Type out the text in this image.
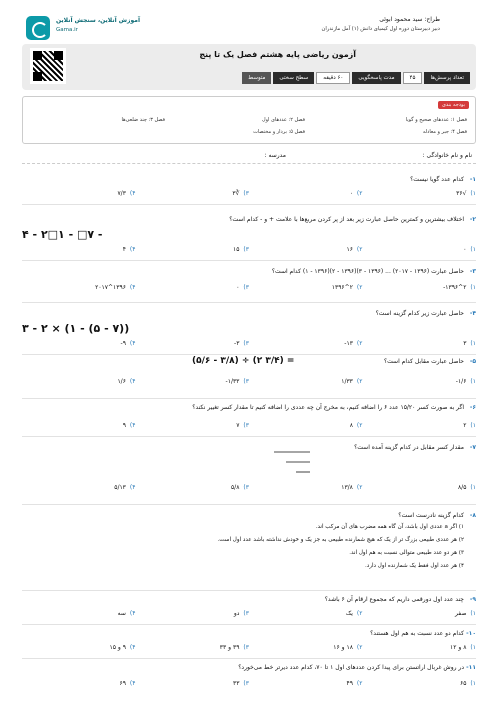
آموزش آنلاین، سنجش آنلاین
Gama.ir
طراح: سید محمود ابوئی
دبیر دبیرستان دوره اول کیمیای دانش (۱) آمل مازندران
آزمون ریاضی پایه هشتم فصل یک تا پنج
تعداد پرسش‌ها
۴۵
مدت پاسخگویی
۶۰ دقیقه
سطح سختی
متوسط
بودجه بندی
فصل ۱: عددهای صحیح و گویا
فصل ۲: عددهای اول
فصل ۳: چند ضلعی‌ها
فصل ۴: جبر و معادله
فصل ۵: بردار و مختصات
نام و نام خانوادگی :
مدرسه :
۱-
کدام عدد گویا نیست؟
۱)
√۳۶
۲)
۰
۳)
∛۳
۴)
۷/۳
۲-
اختلاف بیشترین و کمترین حاصل عبارت زیر بعد از پر کردن مربع‌ها با علامت + و - کدام است؟
۴ - ۲□۱ - □۷ -
۱)
۰
۲)
۱۶
۳)
۱۵
۴)
۴
۳-
حاصل عبارت (۱۳۹۶ - ۲۰۱۷) ... (۱۳۹۶ - ۳)(۱۳۹۶ - ۲)(۱۳۹۶ - ۱) کدام است؟
۱)
۲^۱۳۹۶-
۲)
۲^۱۳۹۶
۳)
۰
۴)
۱۳۹۶^۲۰۱۷
۴-
حاصل عبارت زیر کدام گزینه است؟
۳ - ۲ × (۱ - (۵ - ۷))
۱)
۳
۲)
۱۳-
۳)
۳-
۴)
۹-
۵-
حاصل عبارت مقابل کدام است؟
(۵/۶ - ۳/۸) ÷ (۲ ۳/۴) =
۱)
۱/۶-
۲)
۱/۳۳
۳)
۱/۳۳-
۴)
۱/۶
۶-
اگر به صورت کسر ۱۵/۲۰ عدد ۶ را اضافه کنیم، به مخرج آن چه عددی را اضافه کنیم تا مقدار کسر تغییر نکند؟
۱)
۲
۲)
۸
۳)
۷
۴)
۹
۷-
مقدار کسر مقابل در کدام گزینه آمده است؟
۱)
۸/۵
۲)
۱۳/۸
۳)
۵/۸
۴)
۵/۱۳
۸-
کدام گزینه نادرست است؟
۱) اگر a عددی اول باشد، آن گاه همه مضرب های آن مرکب اند.
۲) هر عددی طبیعی بزرگ تر از یک که هیچ شمارنده طبیعی به جز یک و خودش نداشته باشد عدد اول است.
۳) هر دو عدد طبیعی متوالی نسبت به هم اول اند.
۴) هر عدد اول فقط یک شمارنده اول دارد.
۹-
چند عدد اول دورقمی داریم که مجموع ارقام آن ۶ باشد؟
۱)
صفر
۲)
یک
۳)
دو
۴)
سه
۱۰-
کدام دو عدد نسبت به هم اول هستند؟
۱)
۸ و ۱۲
۲)
۱۸ و ۱۶
۳)
۳۹ و ۳۳
۴)
۹ و ۱۵
۱۱-
در روش غربال اراتستن برای پیدا کردن عددهای اول ۱ تا ۷۰، کدام عدد دیرتر خط می‌خورد؟
۱)
۶۵
۲)
۴۹
۳)
۳۳
۴)
۶۹
